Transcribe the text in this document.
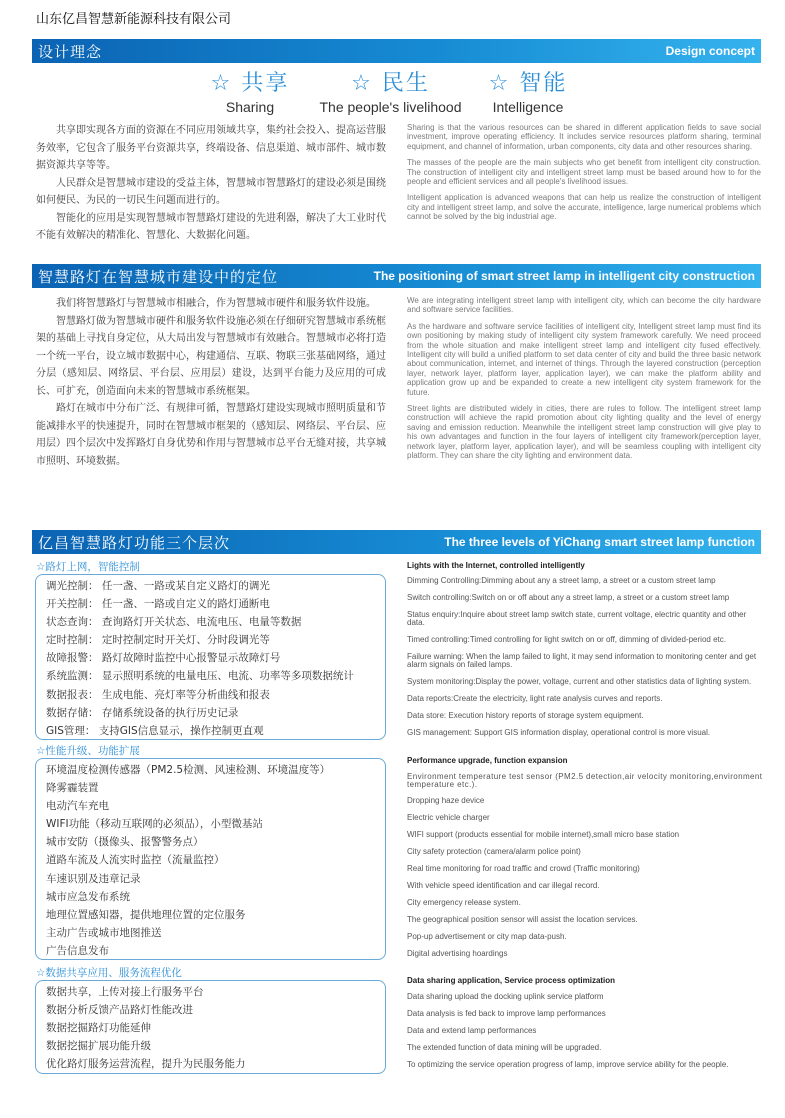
山东亿昌智慧新能源科技有限公司
设计理念	Design concept
☆ 共享
Sharing
☆ 民生
The people's livelihood
☆ 智能
Intelligence

共享即实现各方面的资源在不同应用领域共享，集约社会投入、提高运营服务效率，它包含了服务平台资源共享，终端设备、信息渠道、城市部件、城市数据资源共享等等。

人民群众是智慧城市建设的受益主体，智慧城市智慧路灯的建设必须是围绕如何便民、为民的一切民生问题而进行的。

智能化的应用是实现智慧城市智慧路灯建设的先进利器，解决了大工业时代不能有效解决的精准化、智慧化、大数据化问题。

Sharing is that the various resources can be shared in different application fields to save social investment, improve operating efficiency. It includes service resources platform sharing, terminal equipment, and channel of information, urban components, city data and other resources sharing.

The masses of the people are the main subjects who get benefit from intelligent city construction. The construction of intelligent city and intelligent street lamp must be based around how to for the people and efficient services and all people's livelihood issues.

Intelligent application is advanced weapons that can help us realize the construction of intelligent city and intelligent street lamp, and solve the accurate, intelligence, large numerical problems which cannot be solved by the big industrial age.

智慧路灯在智慧城市建设中的定位	The positioning of smart street lamp in intelligent city construction

我们将智慧路灯与智慧城市相融合，作为智慧城市硬件和服务软件设施。

智慧路灯做为智慧城市硬件和服务软件设施必须在仔细研究智慧城市系统框架的基础上寻找自身定位，从大局出发与智慧城市有效融合。智慧城市必将打造一个统一平台，设立城市数据中心，构建通信、互联、物联三张基础网络，通过分层（感知层、网络层、平台层、应用层）建设，达到平台能力及应用的可成长、可扩充，创造面向未来的智慧城市系统框架。

路灯在城市中分布广泛、有规律可循，智慧路灯建设实现城市照明质量和节能减排水平的快速提升，同时在智慧城市框架的（感知层、网络层、平台层、应用层）四个层次中发挥路灯自身优势和作用与智慧城市总平台无缝对接，共享城市照明、环境数据。

We are integrating intelligent street lamp with intelligent city, which can become the city hardware and software service facilities.

As the hardware and software service facilities of intelligent city, Intelligent street lamp must find its own positioning by making study of intelligent city system framework carefully. We need proceed from the whole situation and make intelligent street lamp and intelligent city fused effectively. Intelligent city will build a unified platform to set data center of city and build the three basic network about communication, internet, and internet of things. Through the layered construction (perception layer, network layer, platform layer, application layer), we can make the platform ability and application grow up and be expanded to create a new intelligent city system framework for the future.

Street lights are distributed widely in cities, there are rules to follow. The intelligent street lamp construction will achieve the rapid promotion about city lighting quality and the level of energy saving and emission reduction. Meanwhile the intelligent street lamp construction will give play to his own advantages and function in the four layers of intelligent city framework(perception layer, network layer, platform layer, application layer), and will be seamless coupling with intelligent city platform. They can share the city lighting and environment data.

亿昌智慧路灯功能三个层次	The three levels of YiChang smart street lamp function
☆路灯上网，智能控制
调光控制： 任一盏、一路或某自定义路灯的调光
开关控制： 任一盏、一路或自定义的路灯通断电
状态查询： 查询路灯开关状态、电流电压、电量等数据
定时控制： 定时控制定时开关灯、分时段调光等
故障报警： 路灯故障时监控中心报警显示故障灯号
系统监测： 显示照明系统的电量电压、电流、功率等多项数据统计
数据报表： 生成电能、亮灯率等分析曲线和报表
数据存储： 存储系统设备的执行历史记录
GIS管理： 支持GIS信息显示，操作控制更直观
Lights with the Internet, controlled intelligently
Dimming Controlling:Dimming about any a street lamp, a street or a custom street lamp
Switch controlling:Switch on or off about any a street lamp, a street or a custom street lamp
Status enquiry:Inquire about street lamp switch state, current voltage, electric quantity and other data.
Timed controlling:Timed controlling for light switch on or off, dimming of divided-period etc.
Failure warning: When the lamp failed to light, it may send information to monitoring center and get alarm signals on failed lamps.
System monitoring:Display the power, voltage, current and other statistics data of lighting system.
Data reports:Create the electricity, light rate analysis curves and reports.
Data store: Execution history reports of storage system equipment.
GIS management: Support GIS information display, operational control is more visual.
☆性能升级、功能扩展
环境温度检测传感器（PM2.5检测、风速检测、环境温度等）
降雾霾装置
电动汽车充电
WIFI功能（移动互联网的必须品），小型微基站
城市安防（摄像头、报警警务点）
道路车流及人流实时监控（流量监控）
车速识别及违章记录
城市应急发布系统
地理位置感知器，提供地理位置的定位服务
主动广告或城市地图推送
广告信息发布
Performance upgrade, function expansion
Environment temperature test sensor (PM2.5 detection,air velocity monitoring,environment temperature etc.).
Dropping haze device
Electric vehicle charger
WIFI support (products essential for mobile internet),small micro base station
City safety protection (camera/alarm police point)
Real time monitoring for road traffic and crowd (Traffic monitoring)
With vehicle speed identification and car illegal record.
City emergency release system.
The geographical position sensor will assist the location services.
Pop-up advertisement or city map data-push.
Digital advertising hoardings
☆数据共享应用、服务流程优化
数据共享，上传对接上行服务平台
数据分析反馈产品路灯性能改进
数据挖掘路灯功能延伸
数据挖掘扩展功能升级
优化路灯服务运营流程，提升为民服务能力
Data sharing application, Service process optimization
Data sharing upload the docking uplink service platform
Data analysis is fed back to improve lamp performances
Data and extend lamp performances
The extended function of data mining will be upgraded.
To optimizing the service operation progress of lamp, improve service ability for the people.
